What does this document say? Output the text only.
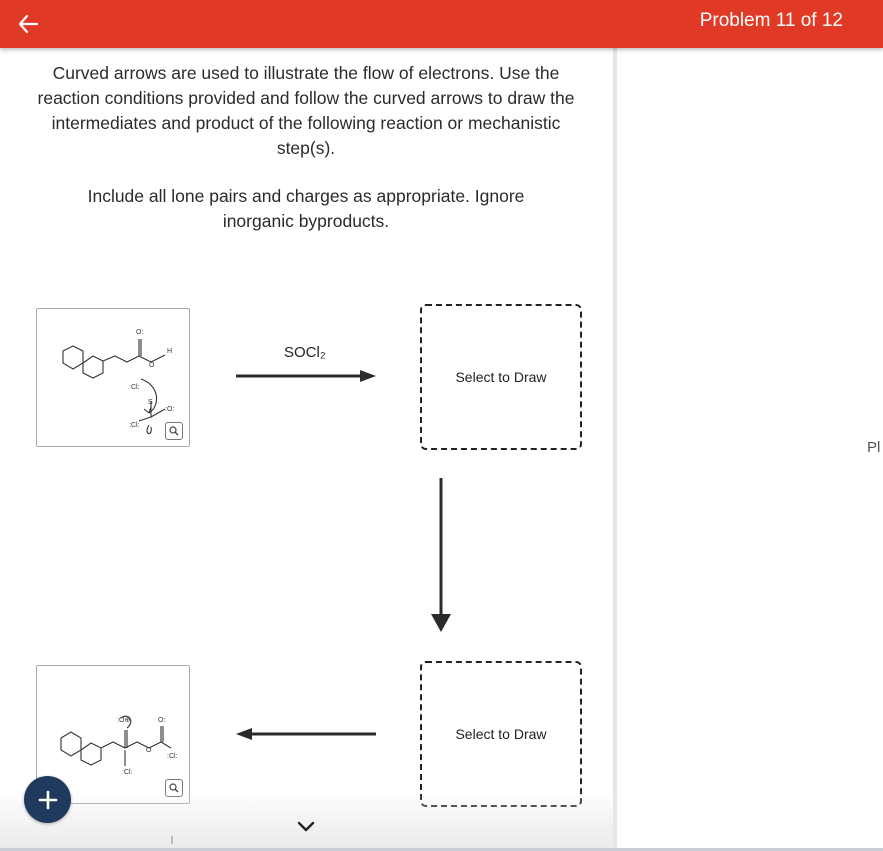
Problem 11 of 12

Curved arrows are used to illustrate the flow of electrons. Use the reaction conditions provided and follow the curved arrows to draw the intermediates and product of the following reaction or mechanistic step(s).

Include all lone pairs and charges as appropriate. Ignore inorganic byproducts.

O:
O
H
:Cl:
S
:O:
:Cl:
SOCl₂
Select to Draw
Select to Draw
:O⊕
:Cl:
O
O:
:Cl:
Pl
